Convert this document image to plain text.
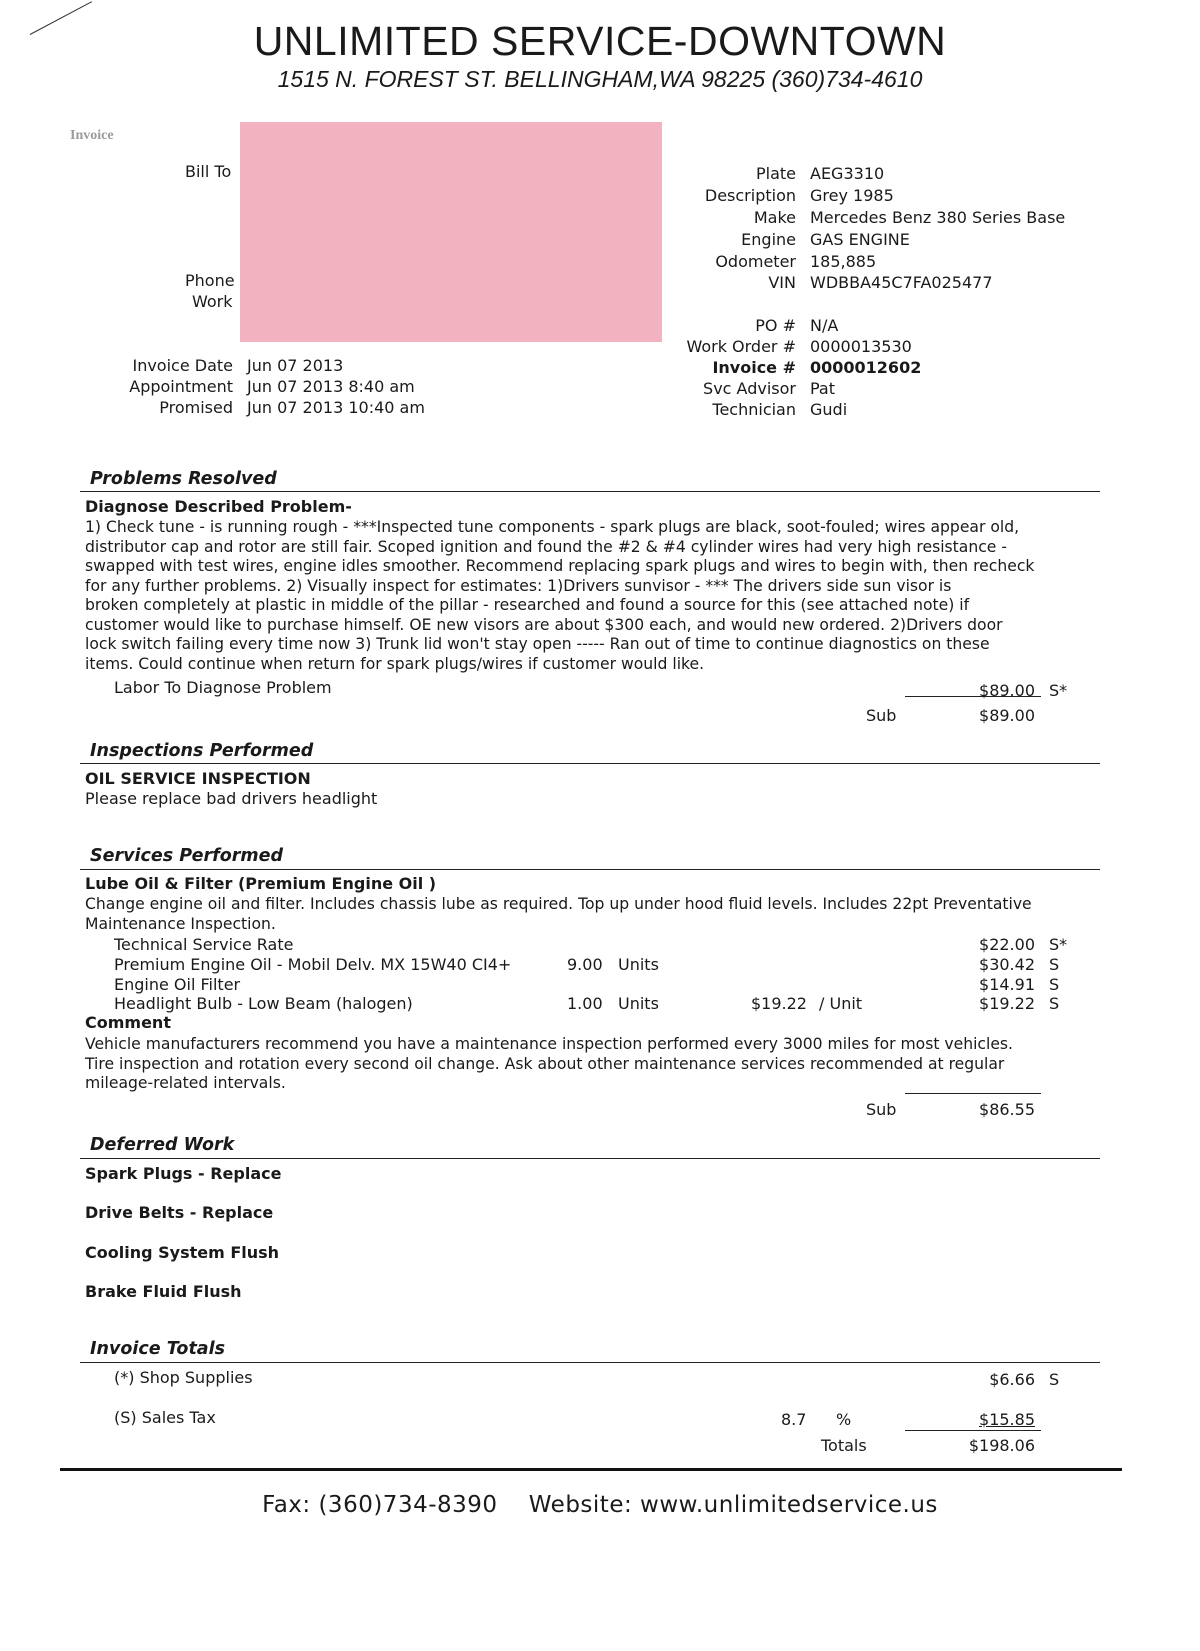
UNLIMITED SERVICE-DOWNTOWN
1515 N. FOREST ST. BELLINGHAM,WA 98225 (360)734-4610
Invoice
Bill To
Phone
Work
Plate AEG3310
Description Grey 1985
Make Mercedes Benz 380 Series Base
Engine GAS ENGINE
Odometer 185,885
VIN WDBBA45C7FA025477
PO # N/A
Work Order # 0000013530
Invoice # 0000012602
Svc Advisor Pat
Technician Gudi
Invoice Date Jun 07 2013
Appointment Jun 07 2013 8:40 am
Promised Jun 07 2013 10:40 am
Problems Resolved
Diagnose Described Problem-
1) Check tune - is running rough - ***Inspected tune components - spark plugs are black, soot-fouled; wires appear old,
distributor cap and rotor are still fair. Scoped ignition and found the #2 & #4 cylinder wires had very high resistance -
swapped with test wires, engine idles smoother. Recommend replacing spark plugs and wires to begin with, then recheck
for any further problems. 2) Visually inspect for estimates: 1)Drivers sunvisor - *** The drivers side sun visor is
broken completely at plastic in middle of the pillar - researched and found a source for this (see attached note) if
customer would like to purchase himself. OE new visors are about $300 each, and would new ordered. 2)Drivers door
lock switch failing every time now 3) Trunk lid won't stay open ----- Ran out of time to continue diagnostics on these
items. Could continue when return for spark plugs/wires if customer would like.
Labor To Diagnose Problem	$89.00 S*
Sub	$89.00
Inspections Performed
OIL SERVICE INSPECTION
Please replace bad drivers headlight
Services Performed
Lube Oil & Filter (Premium Engine Oil )
Change engine oil and filter. Includes chassis lube as required. Top up under hood fluid levels. Includes 22pt Preventative
Maintenance Inspection.
Technical Service Rate	$22.00 S*
Premium Engine Oil - Mobil Delv. MX 15W40 CI4+	9.00 Units	$30.42 S
Engine Oil Filter	$14.91 S
Headlight Bulb - Low Beam (halogen)	1.00 Units	$19.22 / Unit	$19.22 S
Comment
Vehicle manufacturers recommend you have a maintenance inspection performed every 3000 miles for most vehicles.
Tire inspection and rotation every second oil change. Ask about other maintenance services recommended at regular
mileage-related intervals.
Sub	$86.55
Deferred Work
Spark Plugs - Replace
Drive Belts - Replace
Cooling System Flush
Brake Fluid Flush
Invoice Totals
(*) Shop Supplies	$6.66 S
(S) Sales Tax	8.7 %	$15.85
Totals	$198.06
Fax: (360)734-8390    Website: www.unlimitedservice.us
